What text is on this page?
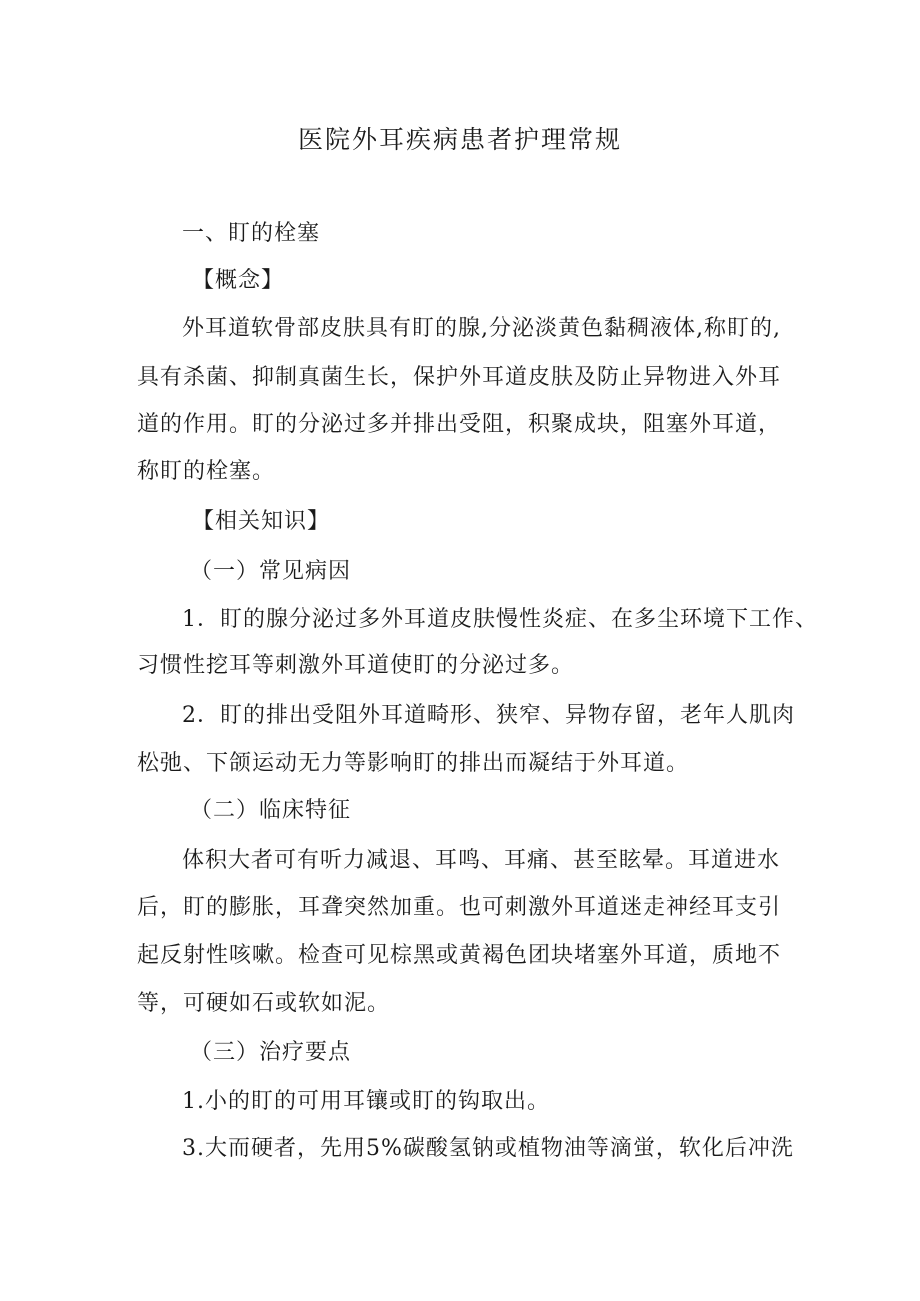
医院外耳疾病患者护理常规
一、盯的栓塞
【概念】
外耳道软骨部皮肤具有盯的腺,分泌淡黄色黏稠液体,称盯的,
具有杀菌、抑制真菌生长，保护外耳道皮肤及防止异物进入外耳
道的作用。盯的分泌过多并排出受阻，积聚成块，阻塞外耳道，
称盯的栓塞。
【相关知识】
（一）常见病因
1．盯的腺分泌过多外耳道皮肤慢性炎症、在多尘环境下工作、
习惯性挖耳等刺激外耳道使盯的分泌过多。
2．盯的排出受阻外耳道畸形、狭窄、异物存留，老年人肌肉
松弛、下颌运动无力等影响盯的排出而凝结于外耳道。
（二）临床特征
体积大者可有听力减退、耳鸣、耳痛、甚至眩晕。耳道进水
后，盯的膨胀，耳聋突然加重。也可刺激外耳道迷走神经耳支引
起反射性咳嗽。检查可见棕黑或黄褐色团块堵塞外耳道，质地不
等，可硬如石或软如泥。
（三）治疗要点
1.小的盯的可用耳镶或盯的钩取出。
3.大而硬者，先用5%碳酸氢钠或植物油等滴蛍，软化后冲洗
